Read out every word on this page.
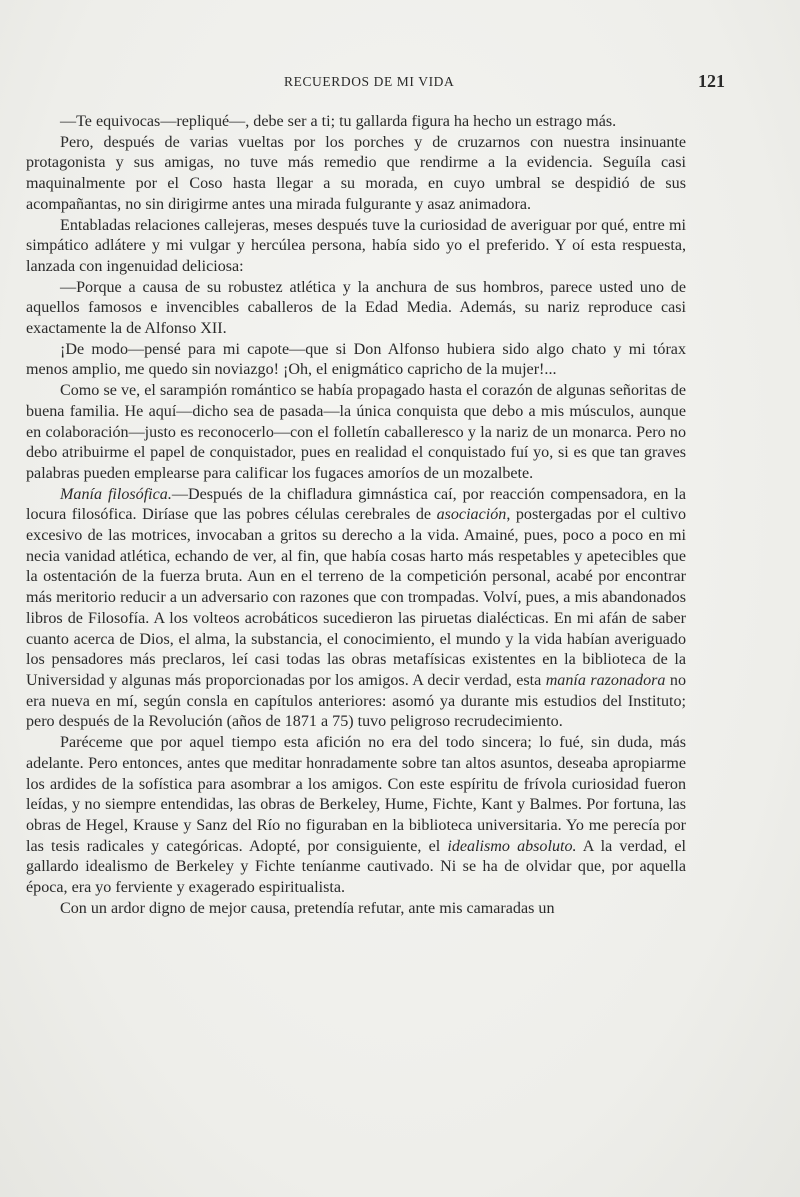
RECUERDOS DE MI VIDA	121

—Te equivocas—repliqué—, debe ser a ti; tu gallarda figura ha hecho un estrago más.

Pero, después de varias vueltas por los porches y de cruzarnos con nuestra insinuante protagonista y sus amigas, no tuve más remedio que rendirme a la evidencia. Seguíla casi maquinalmente por el Coso hasta llegar a su morada, en cuyo umbral se despidió de sus acompañantas, no sin dirigirme antes una mirada fulgurante y asaz animadora.

Entabladas relaciones callejeras, meses después tuve la curiosidad de averiguar por qué, entre mi simpático adlátere y mi vulgar y hercúlea persona, había sido yo el preferido. Y oí esta respuesta, lanzada con ingenuidad deliciosa:

—Porque a causa de su robustez atlética y la anchura de sus hombros, parece usted uno de aquellos famosos e invencibles caballeros de la Edad Media. Además, su nariz reproduce casi exactamente la de Alfonso XII.

¡De modo—pensé para mi capote—que si Don Alfonso hubiera sido algo chato y mi tórax menos amplio, me quedo sin noviazgo! ¡Oh, el enigmático capricho de la mujer!...

Como se ve, el sarampión romántico se había propagado hasta el corazón de algunas señoritas de buena familia. He aquí—dicho sea de pasada—la única conquista que debo a mis músculos, aunque en colaboración—justo es reconocerlo—con el folletín caballeresco y la nariz de un monarca. Pero no debo atribuirme el papel de conquistador, pues en realidad el conquistado fuí yo, si es que tan graves palabras pueden emplearse para calificar los fugaces amoríos de un mozalbete.

Manía filosófica.—Después de la chifladura gimnástica caí, por reacción compensadora, en la locura filosófica. Diríase que las pobres células cerebrales de asociación, postergadas por el cultivo excesivo de las motrices, invocaban a gritos su derecho a la vida. Amainé, pues, poco a poco en mi necia vanidad atlética, echando de ver, al fin, que había cosas harto más respetables y apetecibles que la ostentación de la fuerza bruta. Aun en el terreno de la competición personal, acabé por encontrar más meritorio reducir a un adversario con razones que con trompadas. Volví, pues, a mis abandonados libros de Filosofía. A los volteos acrobáticos sucedieron las piruetas dialécticas. En mi afán de saber cuanto acerca de Dios, el alma, la substancia, el conocimiento, el mundo y la vida habían averiguado los pensadores más preclaros, leí casi todas las obras metafísicas existentes en la biblioteca de la Universidad y algunas más proporcionadas por los amigos. A decir verdad, esta manía razonadora no era nueva en mí, según consla en capítulos anteriores: asomó ya durante mis estudios del Instituto; pero después de la Revolución (años de 1871 a 75) tuvo peligroso recrudecimiento.

Paréceme que por aquel tiempo esta afición no era del todo sincera; lo fué, sin duda, más adelante. Pero entonces, antes que meditar honradamente sobre tan altos asuntos, deseaba apropiarme los ardides de la sofística para asombrar a los amigos. Con este espíritu de frívola curiosidad fueron leídas, y no siempre entendidas, las obras de Berkeley, Hume, Fichte, Kant y Balmes. Por fortuna, las obras de Hegel, Krause y Sanz del Río no figuraban en la biblioteca universitaria. Yo me perecía por las tesis radicales y categóricas. Adopté, por consiguiente, el idealismo absoluto. A la verdad, el gallardo idealismo de Berkeley y Fichte teníanme cautivado. Ni se ha de olvidar que, por aquella época, era yo ferviente y exagerado espiritualista.

Con un ardor digno de mejor causa, pretendía refutar, ante mis camaradas un
